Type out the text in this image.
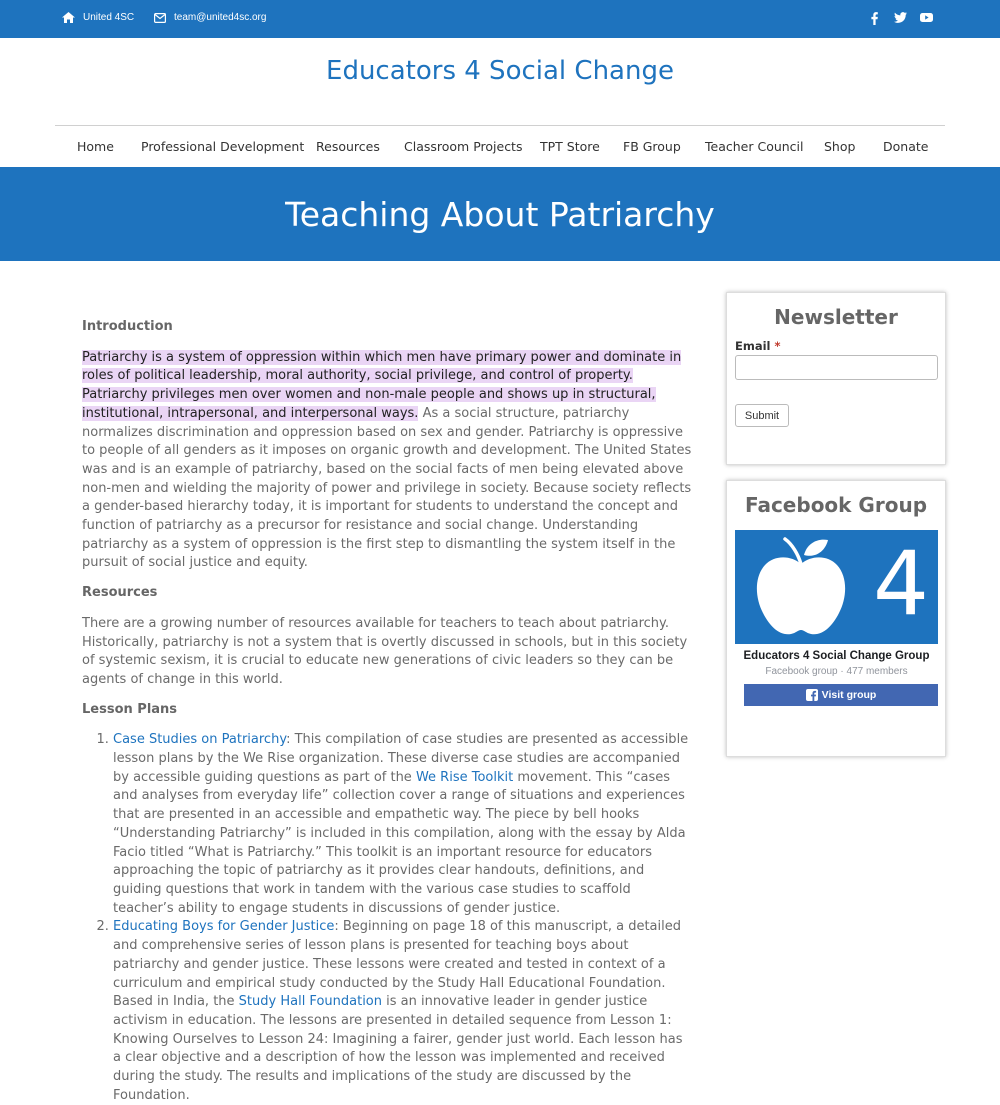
United 4SC	team@united4sc.org
Educators 4 Social Change
Home Professional Development Resources Classroom Projects TPT Store FB Group Teacher Council Shop Donate
Teaching About Patriarchy
Introduction

Patriarchy is a system of oppression within which men have primary power and dominate in roles of political leadership, moral authority, social privilege, and control of property. Patriarchy privileges men over women and non-male people and shows up in structural, institutional, intrapersonal, and interpersonal ways. As a social structure, patriarchy normalizes discrimination and oppression based on sex and gender. Patriarchy is oppressive to people of all genders as it imposes on organic growth and development. The United States was and is an example of patriarchy, based on the social facts of men being elevated above non-men and wielding the majority of power and privilege in society. Because society reflects a gender-based hierarchy today, it is important for students to understand the concept and function of patriarchy as a precursor for resistance and social change. Understanding patriarchy as a system of oppression is the first step to dismantling the system itself in the pursuit of social justice and equity.

Resources

There are a growing number of resources available for teachers to teach about patriarchy. Historically, patriarchy is not a system that is overtly discussed in schools, but in this society of systemic sexism, it is crucial to educate new generations of civic leaders so they can be agents of change in this world.

Lesson Plans
1. Case Studies on Patriarchy: This compilation of case studies are presented as accessible lesson plans by the We Rise organization. These diverse case studies are accompanied by accessible guiding questions as part of the We Rise Toolkit movement. This “cases and analyses from everyday life” collection cover a range of situations and experiences that are presented in an accessible and empathetic way. The piece by bell hooks “Understanding Patriarchy” is included in this compilation, along with the essay by Alda Facio titled “What is Patriarchy.” This toolkit is an important resource for educators approaching the topic of patriarchy as it provides clear handouts, definitions, and guiding questions that work in tandem with the various case studies to scaffold teacher’s ability to engage students in discussions of gender justice.
2. Educating Boys for Gender Justice: Beginning on page 18 of this manuscript, a detailed and comprehensive series of lesson plans is presented for teaching boys about patriarchy and gender justice. These lessons were created and tested in context of a curriculum and empirical study conducted by the Study Hall Educational Foundation. Based in India, the Study Hall Foundation is an innovative leader in gender justice activism in education. The lessons are presented in detailed sequence from Lesson 1: Knowing Ourselves to Lesson 24: Imagining a fairer, gender just world. Each lesson has a clear objective and a description of how the lesson was implemented and received during the study. The results and implications of the study are discussed by the Foundation.
Newsletter
Email *
Submit
Facebook Group
4
Educators 4 Social Change Group
Facebook group · 477 members
Visit group
